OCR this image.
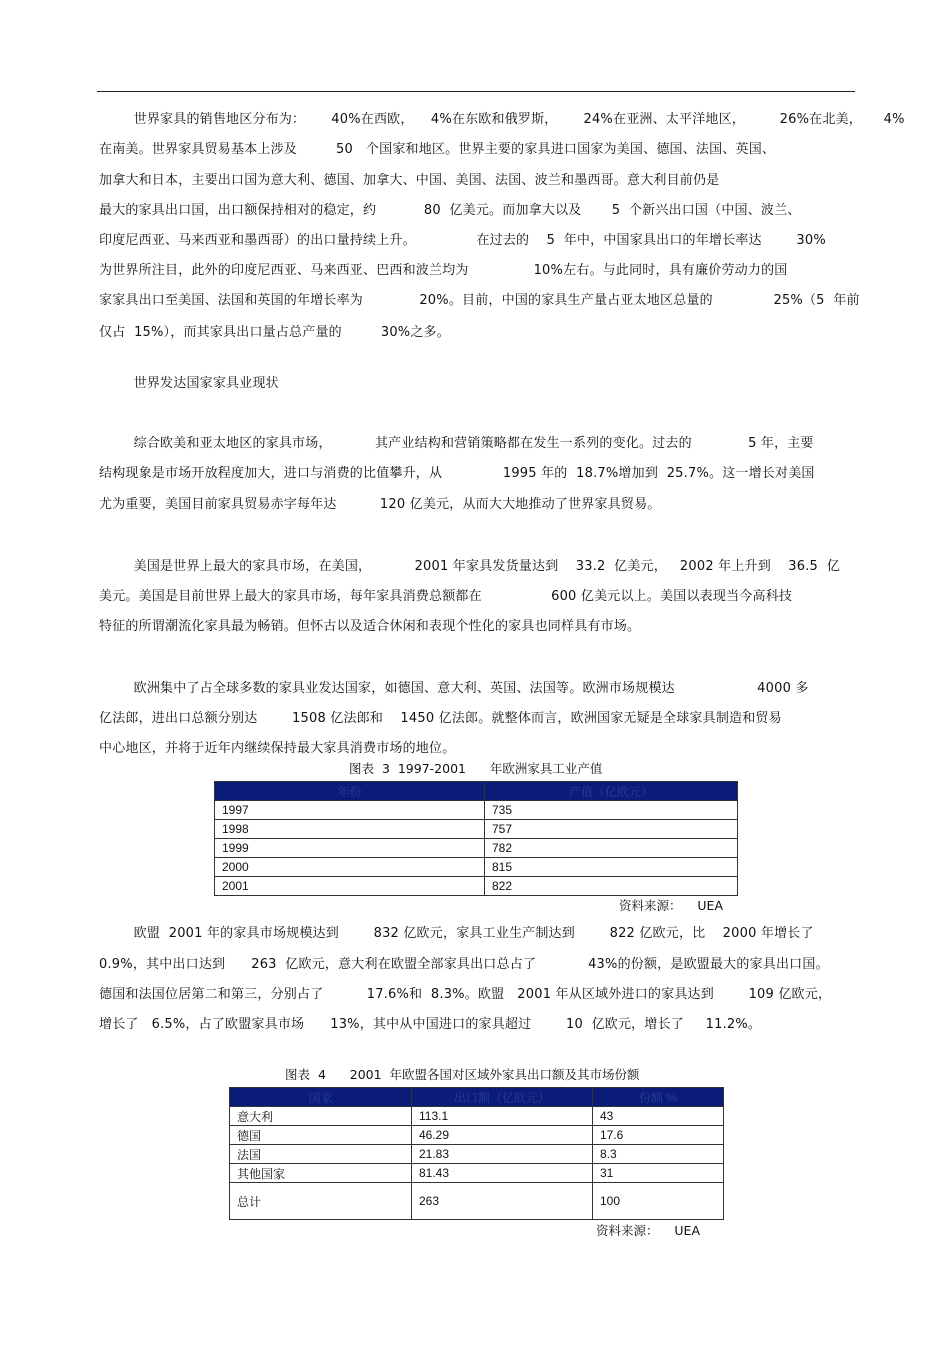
世界家具的销售地区分布为：      40%在西欧，    4%在东欧和俄罗斯，      24%在亚洲、太平洋地区，        26%在北美，     4%
在南美。世界家具贸易基本上涉及         50   个国家和地区。世界主要的家具进口国家为美国、德国、法国、英国、
加拿大和日本，主要出口国为意大利、德国、加拿大、中国、美国、法国、波兰和墨西哥。意大利目前仍是
最大的家具出口国，出口额保持相对的稳定，约           80  亿美元。而加拿大以及       5  个新兴出口国（中国、波兰、
印度尼西亚、马来西亚和墨西哥）的出口量持续上升。              在过去的    5  年中，中国家具出口的年增长率达        30%
为世界所注目，此外的印度尼西亚、马来西亚、巴西和波兰均为               10%左右。与此同时，具有廉价劳动力的国
家家具出口至美国、法国和英国的年增长率为             20%。目前，中国的家具生产量占亚太地区总量的              25%（5  年前
仅占  15%），而其家具出口量占总产量的         30%之多。
世界发达国家家具业现状
综合欧美和亚太地区的家具市场，          其产业结构和营销策略都在发生一系列的变化。过去的             5 年，主要
结构现象是市场开放程度加大，进口与消费的比值攀升，从              1995 年的  18.7%增加到  25.7%。这一增长对美国
尤为重要，美国目前家具贸易赤字每年达          120 亿美元，从而大大地推动了世界家具贸易。
美国是世界上最大的家具市场，在美国，          2001 年家具发货量达到    33.2  亿美元，   2002 年上升到    36.5  亿
美元。美国是目前世界上最大的家具市场，每年家具消费总额都在                600 亿美元以上。美国以表现当今高科技
特征的所谓潮流化家具最为畅销。但怀古以及适合休闲和表现个性化的家具也同样具有市场。
欧洲集中了占全球多数的家具业发达国家，如德国、意大利、英国、法国等。欧洲市场规模达                   4000 多
亿法郎，进出口总额分别达        1508 亿法郎和    1450 亿法郎。就整体而言，欧洲国家无疑是全球家具制造和贸易
中心地区，并将于近年内继续保持最大家具消费市场的地位。
图表  3  1997-2001      年欧洲家具工业产值
年份	产值（亿欧元）
1997	735
1998	757
1999	782
2000	815
2001	822
资料来源：    UEA
欧盟  2001 年的家具市场规模达到        832 亿欧元，家具工业生产制达到        822 亿欧元，比    2000 年增长了
0.9%，其中出口达到      263  亿欧元，意大利在欧盟全部家具出口总占了            43%的份额，是欧盟最大的家具出口国。
德国和法国位居第二和第三，分别占了          17.6%和  8.3%。欧盟   2001 年从区域外进口的家具达到        109 亿欧元，
增长了   6.5%，占了欧盟家具市场      13%，其中从中国进口的家具超过        10  亿欧元，增长了     11.2%。
图表  4      2001  年欧盟各国对区域外家具出口额及其市场份额
国家	出口额（亿欧元）	份额 %
意大利	113.1	43
德国	46.29	17.6
法国	21.83	8.3
其他国家	81.43	31
总计	263	100
资料来源：    UEA
